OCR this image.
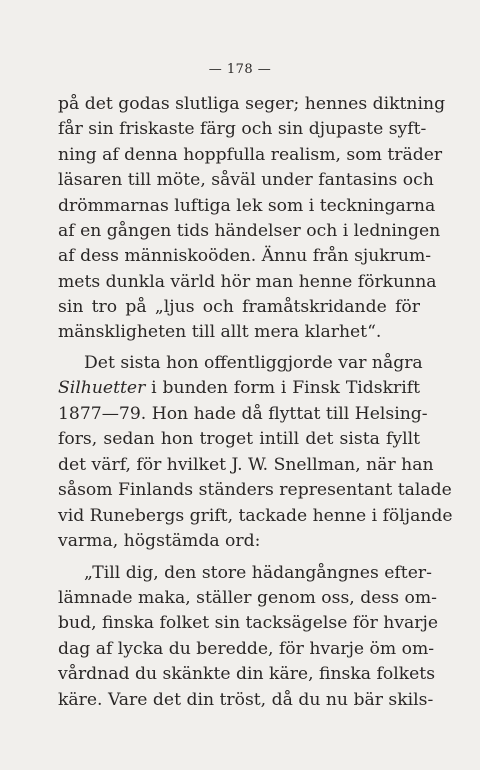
— 178 —
på det godas slutliga seger; hennes diktning
får sin friskaste färg och sin djupaste syft-
ning af denna hoppfulla realism, som träder
läsaren till möte, såväl under fantasins och
drömmarnas luftiga lek som i teckningarna
af en gången tids händelser och i ledningen
af dess människoöden. Ännu från sjukrum-
mets dunkla värld hör man henne förkunna
sin tro på „ljus och framåtskridande för
mänskligheten till allt mera klarhet“.
Det sista hon offentliggjorde var några
Silhuetter i bunden form i Finsk Tidskrift
1877—79. Hon hade då flyttat till Helsing-
fors, sedan hon troget intill det sista fyllt
det värf, för hvilket J. W. Snellman, när han
såsom Finlands ständers representant talade
vid Runebergs grift, tackade henne i följande
varma, högstämda ord:
„Till dig, den store hädangångnes efter-
lämnade maka, ställer genom oss, dess om-
bud, finska folket sin tacksägelse för hvarje
dag af lycka du beredde, för hvarje öm om-
vårdnad du skänkte din käre, finska folkets
käre. Vare det din tröst, då du nu bär skils-
